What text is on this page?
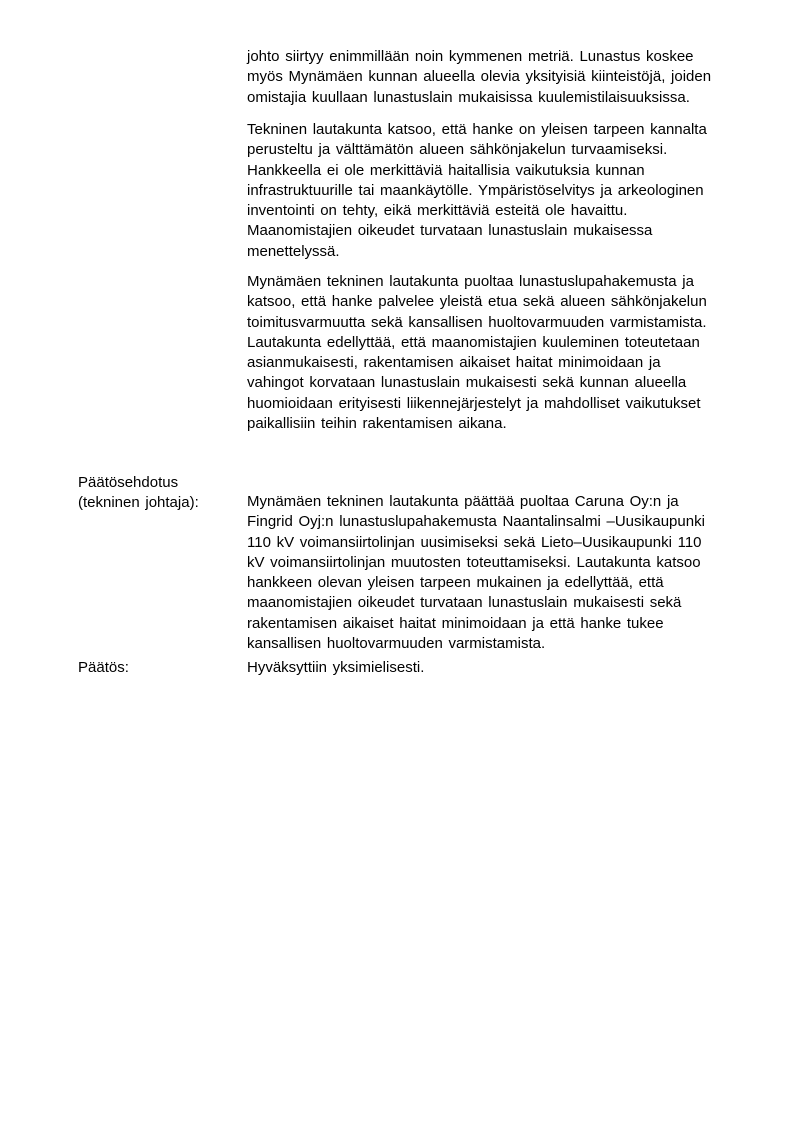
johto siirtyy enimmillään noin kymmenen metriä. Lunastus koskee
myös Mynämäen kunnan alueella olevia yksityisiä kiinteistöjä, joiden
omistajia kuullaan lunastuslain mukaisissa kuulemistilaisuuksissa.
Tekninen lautakunta katsoo, että hanke on yleisen tarpeen kannalta
perusteltu ja välttämätön alueen sähkönjakelun turvaamiseksi.
Hankkeella ei ole merkittäviä haitallisia vaikutuksia kunnan
infrastruktuurille tai maankäytölle. Ympäristöselvitys ja arkeologinen
inventointi on tehty, eikä merkittäviä esteitä ole havaittu.
Maanomistajien oikeudet turvataan lunastuslain mukaisessa
menettelyssä.
Mynämäen tekninen lautakunta puoltaa lunastuslupahakemusta ja
katsoo, että hanke palvelee yleistä etua sekä alueen sähkönjakelun
toimitusvarmuutta sekä kansallisen huoltovarmuuden varmistamista.
Lautakunta edellyttää, että maanomistajien kuuleminen toteutetaan
asianmukaisesti, rakentamisen aikaiset haitat minimoidaan ja
vahingot korvataan lunastuslain mukaisesti sekä kunnan alueella
huomioidaan erityisesti liikennejärjestelyt ja mahdolliset vaikutukset
paikallisiin teihin rakentamisen aikana.
Päätösehdotus
(tekninen johtaja):	Mynämäen tekninen lautakunta päättää puoltaa Caruna Oy:n ja
Fingrid Oyj:n lunastuslupahakemusta Naantalinsalmi –Uusikaupunki
110 kV voimansiirtolinjan uusimiseksi sekä Lieto–Uusikaupunki 110
kV voimansiirtolinjan muutosten toteuttamiseksi. Lautakunta katsoo
hankkeen olevan yleisen tarpeen mukainen ja edellyttää, että
maanomistajien oikeudet turvataan lunastuslain mukaisesti sekä
rakentamisen aikaiset haitat minimoidaan ja että hanke tukee
kansallisen huoltovarmuuden varmistamista.
Päätös:	Hyväksyttiin yksimielisesti.
